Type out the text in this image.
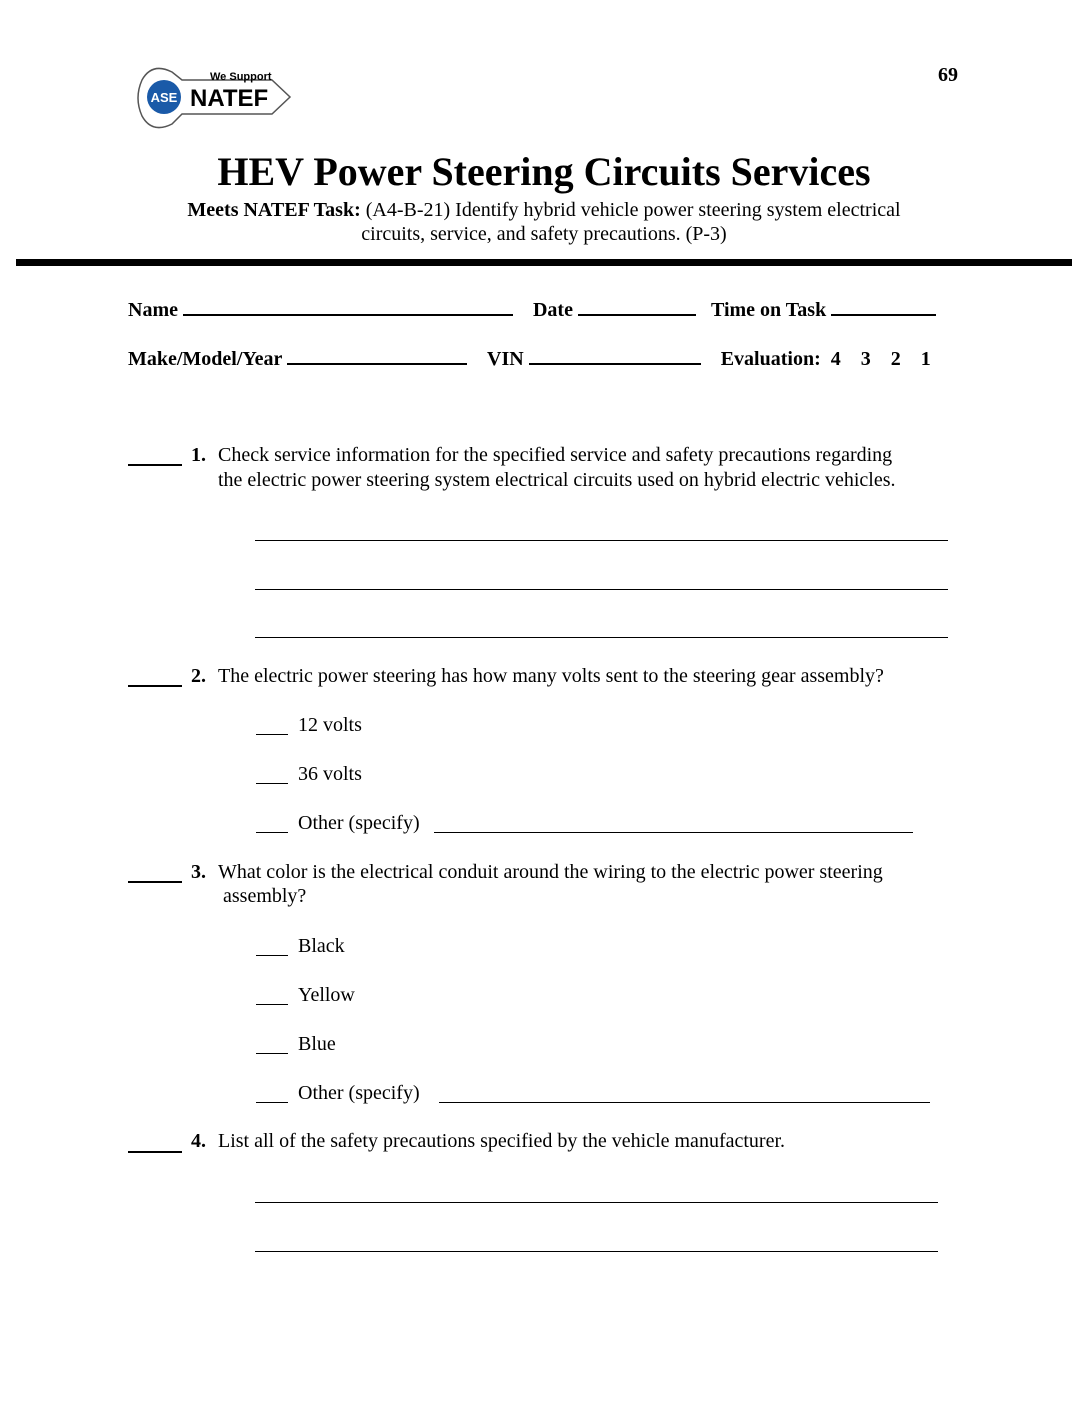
69
ASE
We Support
NATEF
HEV Power Steering Circuits Services
Meets NATEF Task: (A4-B-21) Identify hybrid vehicle power steering system electrical
circuits, service, and safety precautions. (P-3)
Name	Date	Time on Task
Make/Model/Year	VIN	Evaluation: 4 3 2 1
1. Check service information for the specified service and safety precautions regarding
the electric power steering system electrical circuits used on hybrid electric vehicles.
2. The electric power steering has how many volts sent to the steering gear assembly?
12 volts
36 volts
Other (specify)
3. What color is the electrical conduit around the wiring to the electric power steering
assembly?
Black
Yellow
Blue
Other (specify)
4. List all of the safety precautions specified by the vehicle manufacturer.
